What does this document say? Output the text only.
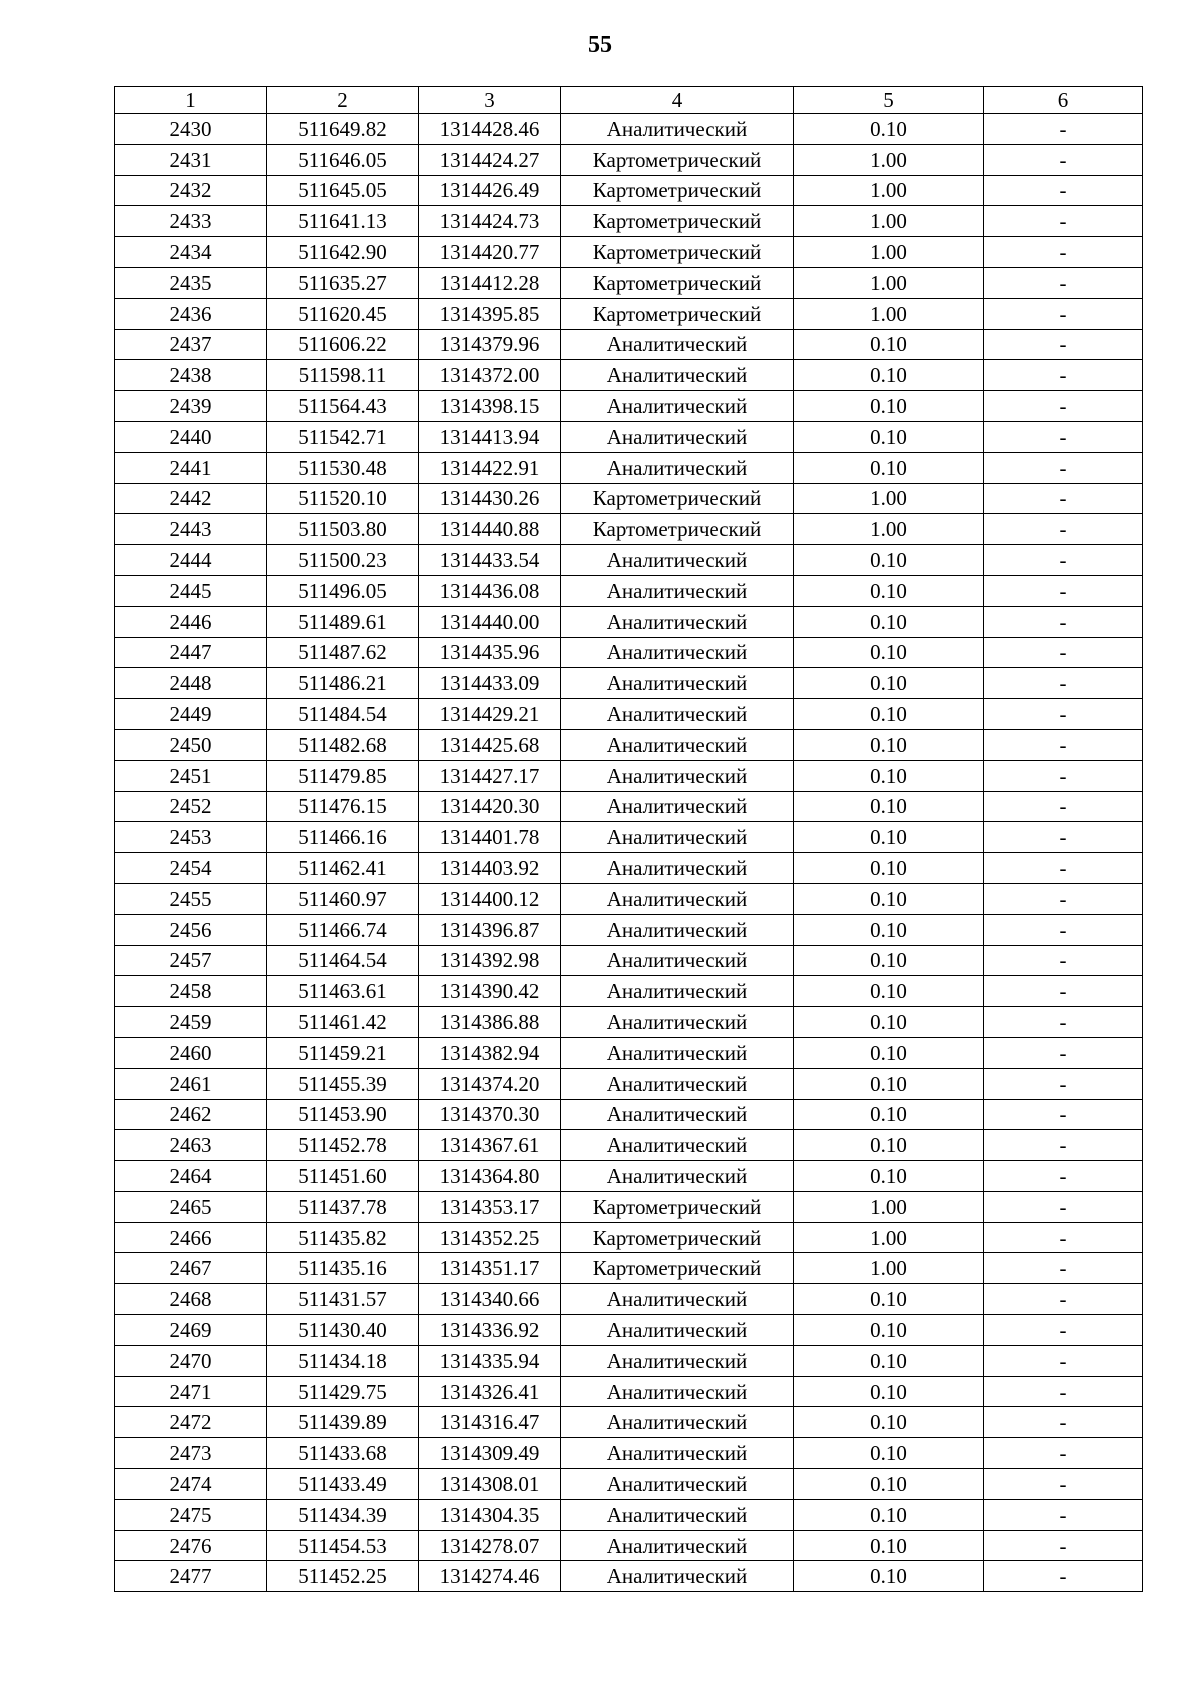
55
1	2	3	4	5	6
2430	511649.82	1314428.46	Аналитический	0.10	-
2431	511646.05	1314424.27	Картометрический	1.00	-
2432	511645.05	1314426.49	Картометрический	1.00	-
2433	511641.13	1314424.73	Картометрический	1.00	-
2434	511642.90	1314420.77	Картометрический	1.00	-
2435	511635.27	1314412.28	Картометрический	1.00	-
2436	511620.45	1314395.85	Картометрический	1.00	-
2437	511606.22	1314379.96	Аналитический	0.10	-
2438	511598.11	1314372.00	Аналитический	0.10	-
2439	511564.43	1314398.15	Аналитический	0.10	-
2440	511542.71	1314413.94	Аналитический	0.10	-
2441	511530.48	1314422.91	Аналитический	0.10	-
2442	511520.10	1314430.26	Картометрический	1.00	-
2443	511503.80	1314440.88	Картометрический	1.00	-
2444	511500.23	1314433.54	Аналитический	0.10	-
2445	511496.05	1314436.08	Аналитический	0.10	-
2446	511489.61	1314440.00	Аналитический	0.10	-
2447	511487.62	1314435.96	Аналитический	0.10	-
2448	511486.21	1314433.09	Аналитический	0.10	-
2449	511484.54	1314429.21	Аналитический	0.10	-
2450	511482.68	1314425.68	Аналитический	0.10	-
2451	511479.85	1314427.17	Аналитический	0.10	-
2452	511476.15	1314420.30	Аналитический	0.10	-
2453	511466.16	1314401.78	Аналитический	0.10	-
2454	511462.41	1314403.92	Аналитический	0.10	-
2455	511460.97	1314400.12	Аналитический	0.10	-
2456	511466.74	1314396.87	Аналитический	0.10	-
2457	511464.54	1314392.98	Аналитический	0.10	-
2458	511463.61	1314390.42	Аналитический	0.10	-
2459	511461.42	1314386.88	Аналитический	0.10	-
2460	511459.21	1314382.94	Аналитический	0.10	-
2461	511455.39	1314374.20	Аналитический	0.10	-
2462	511453.90	1314370.30	Аналитический	0.10	-
2463	511452.78	1314367.61	Аналитический	0.10	-
2464	511451.60	1314364.80	Аналитический	0.10	-
2465	511437.78	1314353.17	Картометрический	1.00	-
2466	511435.82	1314352.25	Картометрический	1.00	-
2467	511435.16	1314351.17	Картометрический	1.00	-
2468	511431.57	1314340.66	Аналитический	0.10	-
2469	511430.40	1314336.92	Аналитический	0.10	-
2470	511434.18	1314335.94	Аналитический	0.10	-
2471	511429.75	1314326.41	Аналитический	0.10	-
2472	511439.89	1314316.47	Аналитический	0.10	-
2473	511433.68	1314309.49	Аналитический	0.10	-
2474	511433.49	1314308.01	Аналитический	0.10	-
2475	511434.39	1314304.35	Аналитический	0.10	-
2476	511454.53	1314278.07	Аналитический	0.10	-
2477	511452.25	1314274.46	Аналитический	0.10	-
